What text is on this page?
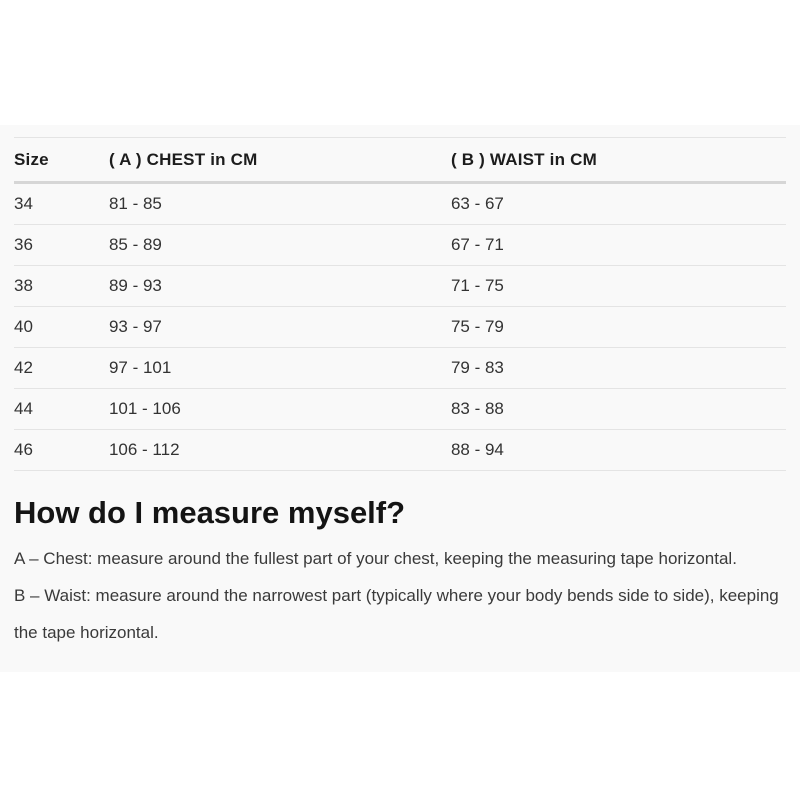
Size	( A ) CHEST in CM	( B ) WAIST in CM
34	81 - 85	63 - 67
36	85 - 89	67 - 71
38	89 - 93	71 - 75
40	93 - 97	75 - 79
42	97 - 101	79 - 83
44	101 - 106	83 - 88
46	106 - 112	88 - 94
How do I measure myself?

A – Chest: measure around the fullest part of your chest, keeping the measuring tape horizontal.

B – Waist: measure around the narrowest part (typically where your body bends side to side), keeping the tape horizontal.
